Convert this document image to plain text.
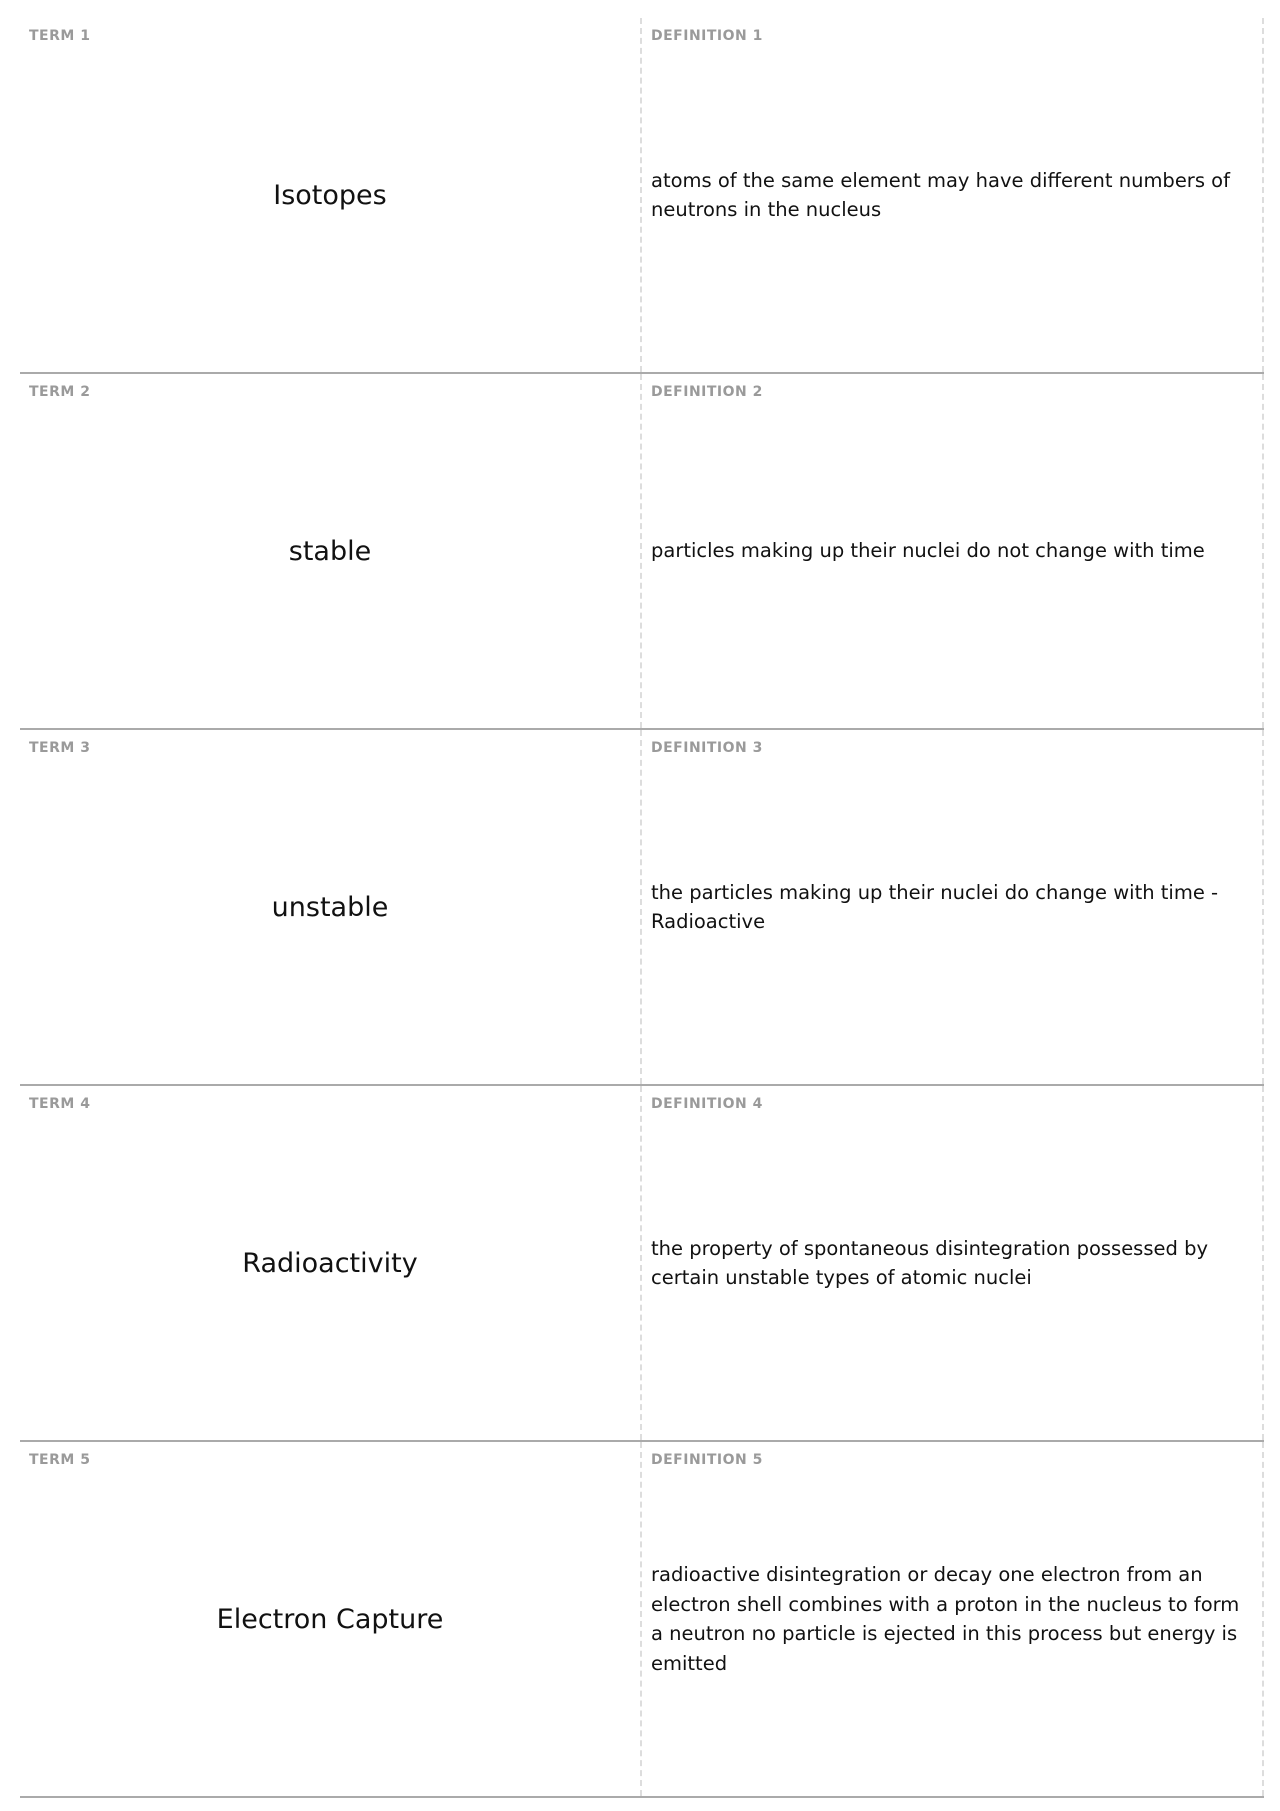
TERM 1
Isotopes
DEFINITION 1
atoms of the same element may have different numbers of neutrons in the nucleus
TERM 2
stable
DEFINITION 2
particles making up their nuclei do not change with time
TERM 3
unstable
DEFINITION 3
the particles making up their nuclei do change with time - Radioactive
TERM 4
Radioactivity
DEFINITION 4
the property of spontaneous disintegration possessed by certain unstable types of atomic nuclei
TERM 5
Electron Capture
DEFINITION 5
radioactive disintegration or decay one electron from an electron shell combines with a proton in the nucleus to form a neutron no particle is ejected in this process but energy is emitted
